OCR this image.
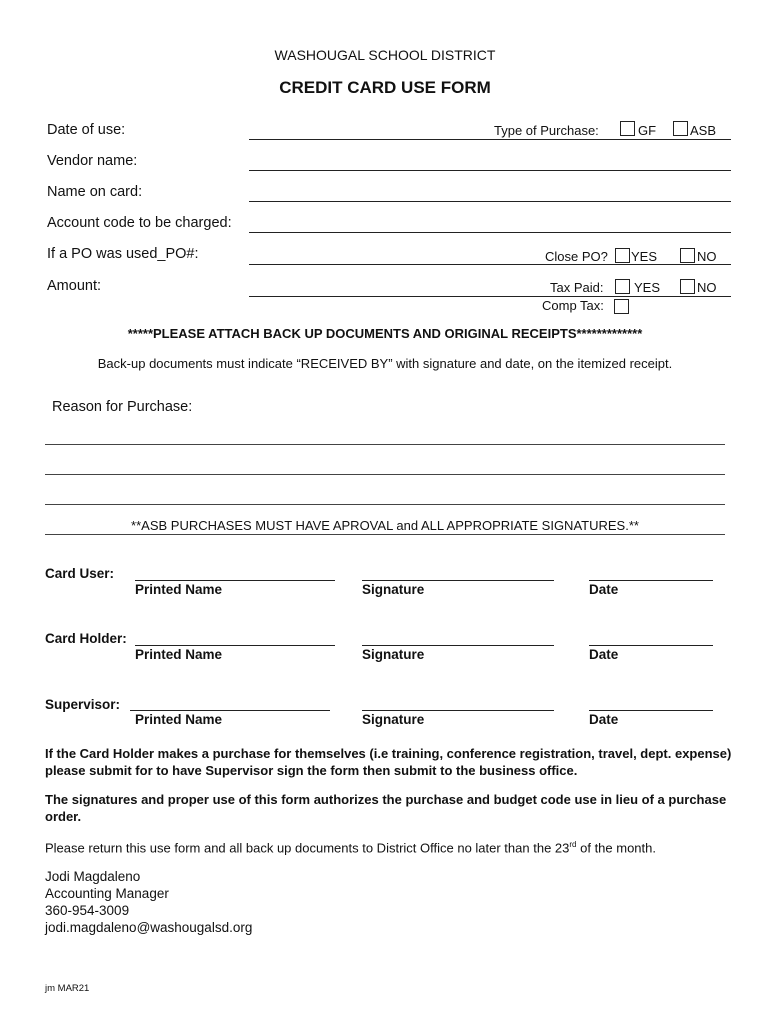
WASHOUGAL SCHOOL DISTRICT
CREDIT CARD USE FORM
Date of use:
Vendor name:
Name on card:
Account code to be charged:
If a PO was used_PO#:
Amount:
Type of Purchase:	GF	ASB
Close PO? YES	NO
Tax Paid: YES	NO
Comp Tax:
*****PLEASE ATTACH BACK UP DOCUMENTS AND ORIGINAL RECEIPTS*************
Back-up documents must indicate “RECEIVED BY” with signature and date, on the itemized receipt.
Reason for Purchase:
**ASB PURCHASES MUST HAVE APROVAL and ALL APPROPRIATE SIGNATURES.**
Card User:
Printed Name	Signature	Date
Card Holder:
Printed Name	Signature	Date
Supervisor:
Printed Name	Signature	Date
If the Card Holder makes a purchase for themselves (i.e training, conference registration, travel, dept. expense) please submit for to have Supervisor sign the form then submit to the business office.
The signatures and proper use of this form authorizes the purchase and budget code use in lieu of a purchase order.
Please return this use form and all back up documents to District Office no later than the 23rd of the month.
Jodi Magdaleno
Accounting Manager
360-954-3009
jodi.magdaleno@washougalsd.org
jm MAR21
